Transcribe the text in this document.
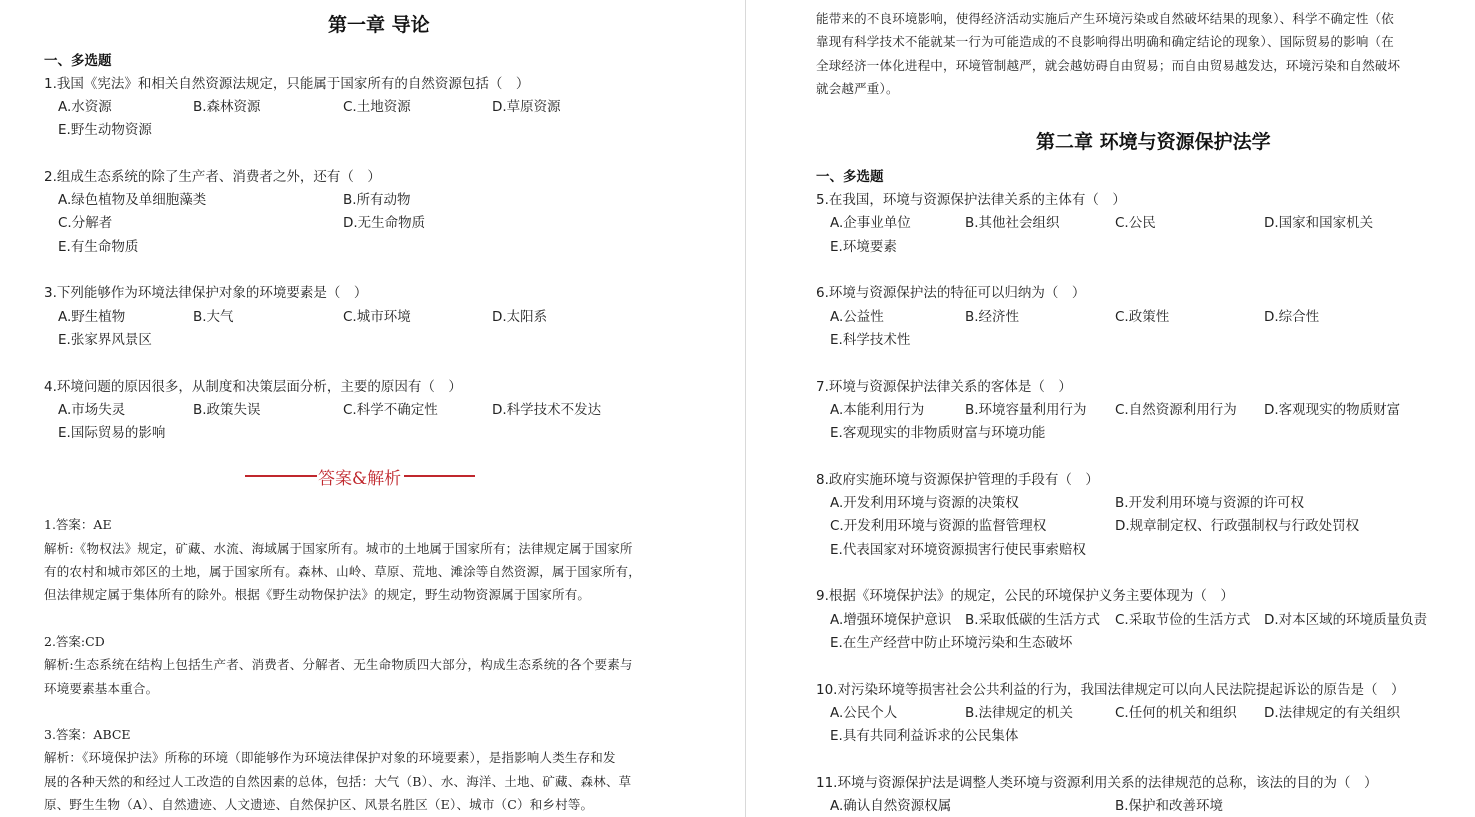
第一章 导论
一、多选题
1.我国《宪法》和相关自然资源法规定，只能属于国家所有的自然资源包括（　）
A.水资源	B.森林资源	C.土地资源	D.草原资源
E.野生动物资源
2.组成生态系统的除了生产者、消费者之外，还有（　）
A.绿色植物及单细胞藻类	B.所有动物
C.分解者	D.无生命物质
E.有生命物质
3.下列能够作为环境法律保护对象的环境要素是（　）
A.野生植物	B.大气	C.城市环境	D.太阳系
E.张家界风景区
4.环境问题的原因很多，从制度和决策层面分析，主要的原因有（　）
A.市场失灵	B.政策失误	C.科学不确定性	D.科学技术不发达
E.国际贸易的影响
答案&解析
1.答案：AE
解析:《物权法》规定，矿藏、水流、海域属于国家所有。城市的土地属于国家所有；法律规定属于国家所
有的农村和城市郊区的土地，属于国家所有。森林、山岭、草原、荒地、滩涂等自然资源，属于国家所有，
但法律规定属于集体所有的除外。根据《野生动物保护法》的规定，野生动物资源属于国家所有。
2.答案:CD
解析:生态系统在结构上包括生产者、消费者、分解者、无生命物质四大部分，构成生态系统的各个要素与
环境要素基本重合。
3.答案：ABCE
解析：《环境保护法》所称的环境（即能够作为环境法律保护对象的环境要素），是指影响人类生存和发
展的各种天然的和经过人工改造的自然因素的总体，包括：大气（B）、水、海洋、土地、矿藏、森林、草
原、野生生物（A）、自然遗迹、人文遗迹、自然保护区、风景名胜区（E）、城市（C）和乡村等。
能带来的不良环境影响，使得经济活动实施后产生环境污染或自然破坏结果的现象）、科学不确定性（依
靠现有科学技术不能就某一行为可能造成的不良影响得出明确和确定结论的现象）、国际贸易的影响（在
全球经济一体化进程中，环境管制越严，就会越妨碍自由贸易；而自由贸易越发达，环境污染和自然破坏
就会越严重）。
第二章 环境与资源保护法学
一、多选题
5.在我国，环境与资源保护法律关系的主体有（　）
A.企事业单位	B.其他社会组织	C.公民	D.国家和国家机关
E.环境要素
6.环境与资源保护法的特征可以归纳为（　）
A.公益性	B.经济性	C.政策性	D.综合性
E.科学技术性
7.环境与资源保护法律关系的客体是（　）
A.本能利用行为	B.环境容量利用行为 C.自然资源利用行为 D.客观现实的物质财富
E.客观现实的非物质财富与环境功能
8.政府实施环境与资源保护管理的手段有（　）
A.开发利用环境与资源的决策权	B.开发利用环境与资源的许可权
C.开发利用环境与资源的监督管理权	D.规章制定权、行政强制权与行政处罚权
E.代表国家对环境资源损害行使民事索赔权
9.根据《环境保护法》的规定，公民的环境保护义务主要体现为（　）
A.增强环境保护意识 B.采取低碳的生活方式 C.采取节俭的生活方式 D.对本区域的环境质量负责
E.在生产经营中防止环境污染和生态破坏
10.对污染环境等损害社会公共利益的行为，我国法律规定可以向人民法院提起诉讼的原告是（　）
A.公民个人	B.法律规定的机关	C.任何的机关和组织 D.法律规定的有关组织
E.具有共同利益诉求的公民集体
11.环境与资源保护法是调整人类环境与资源利用关系的法律规范的总称，该法的目的为（　）
A.确认自然资源权属	B.保护和改善环境
